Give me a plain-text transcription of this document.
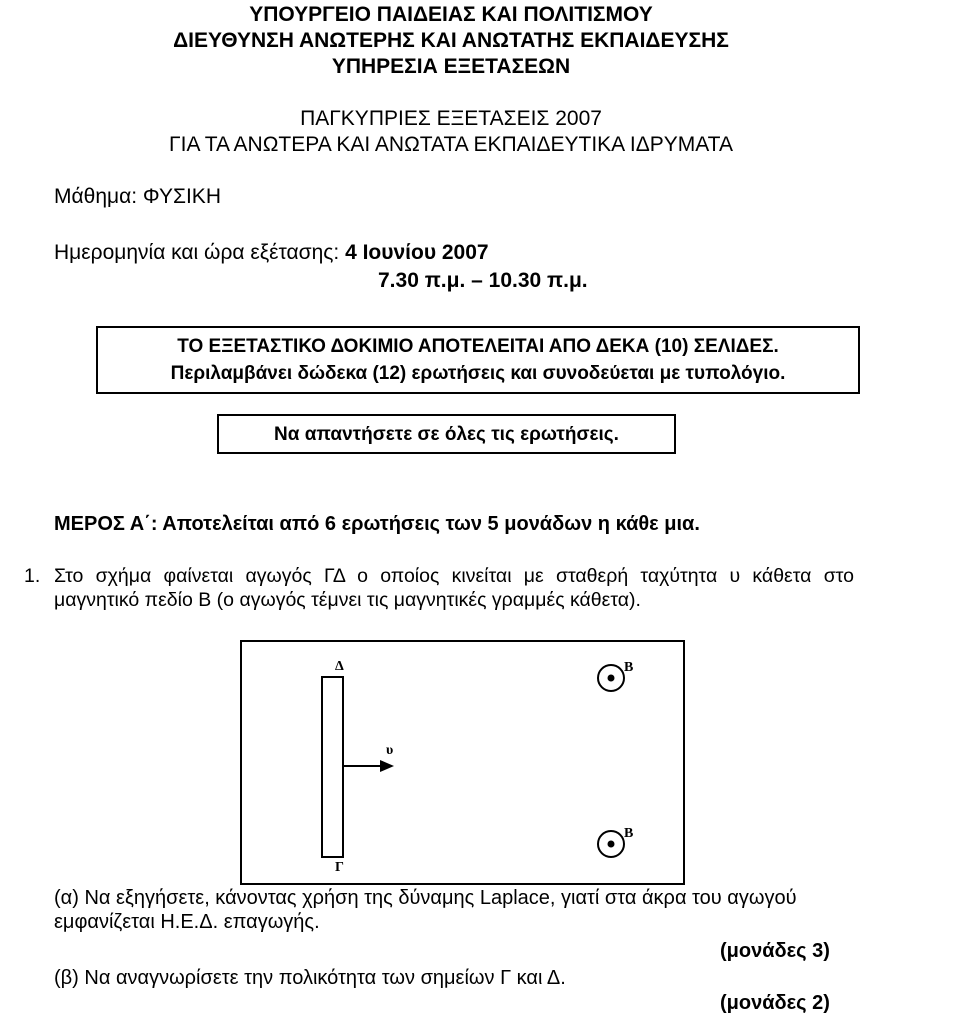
ΥΠΟΥΡΓΕΙΟ ΠΑΙΔΕΙΑΣ ΚΑΙ ΠΟΛΙΤΙΣΜΟΥ
ΔΙΕΥΘΥΝΣΗ ΑΝΩΤΕΡΗΣ ΚΑΙ ΑΝΩΤΑΤΗΣ ΕΚΠΑΙΔΕΥΣΗΣ
ΥΠΗΡΕΣΙΑ ΕΞΕΤΑΣΕΩΝ
ΠΑΓΚΥΠΡΙΕΣ ΕΞΕΤΑΣΕΙΣ 2007
ΓΙΑ ΤΑ ΑΝΩΤΕΡΑ ΚΑΙ ΑΝΩΤΑΤΑ ΕΚΠΑΙΔΕΥΤΙΚΑ ΙΔΡΥΜΑΤΑ
Μάθημα: ΦΥΣΙΚΗ
Ημερομηνία και ώρα εξέτασης: 4 Ιουνίου 2007
7.30 π.μ. – 10.30 π.μ.
ΤΟ ΕΞΕΤΑΣΤΙΚΟ ΔΟΚΙΜΙΟ ΑΠΟΤΕΛΕΙΤΑΙ ΑΠΟ ΔΕΚΑ (10) ΣΕΛΙΔΕΣ.
Περιλαμβάνει δώδεκα (12) ερωτήσεις και συνοδεύεται με τυπολόγιο.
Να απαντήσετε σε όλες τις ερωτήσεις.
ΜΕΡΟΣ Α΄: Αποτελείται από 6 ερωτήσεις των 5 μονάδων η κάθε μια.
1. Στο σχήμα φαίνεται αγωγός ΓΔ ο οποίος κινείται με σταθερή ταχύτητα υ κάθετα στο μαγνητικό πεδίο Β (ο αγωγός τέμνει τις μαγνητικές γραμμές κάθετα).
Δ
Γ
υ
Β
Β
(α) Να εξηγήσετε, κάνοντας χρήση της δύναμης Laplace, γιατί στα άκρα του αγωγού εμφανίζεται Η.Ε.Δ. επαγωγής.
(μονάδες 3)
(β) Να αναγνωρίσετε την πολικότητα των σημείων Γ και Δ.
(μονάδες 2)
